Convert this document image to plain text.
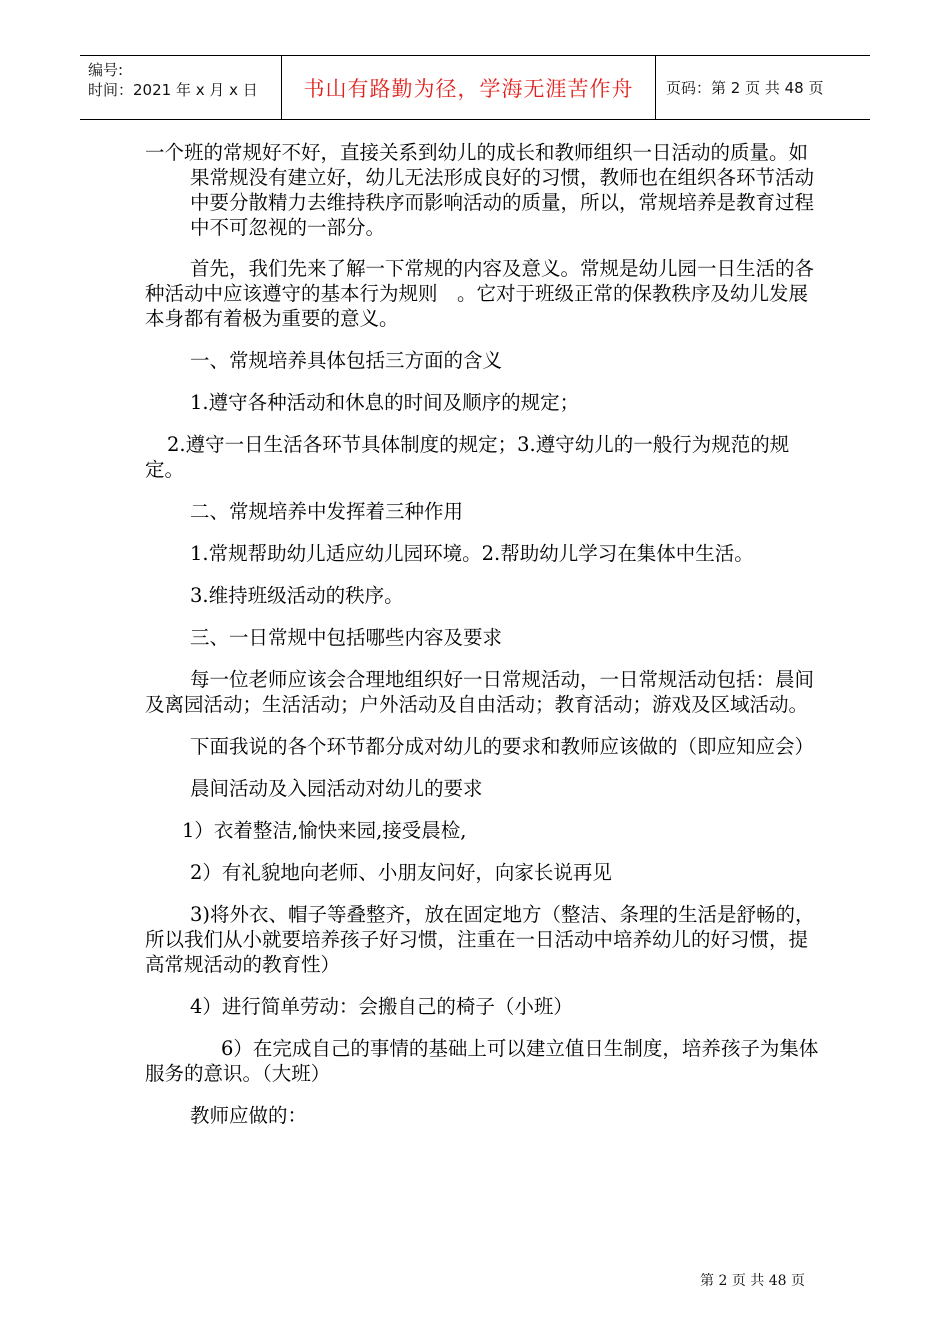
编号:
时间：2021 年 x 月 x 日	书山有路勤为径，学海无涯苦作舟	页码：第 2 页 共 48 页

一个班的常规好不好，直接关系到幼儿的成长和教师组织一日活动的质量。如果常规没有建立好，幼儿无法形成良好的习惯，教师也在组织各环节活动中要分散精力去维持秩序而影响活动的质量，所以，常规培养是教育过程中不可忽视的一部分。

首先，我们先来了解一下常规的内容及意义。常规是幼儿园一日生活的各种活动中应该遵守的基本行为规则　。它对于班级正常的保教秩序及幼儿发展本身都有着极为重要的意义。

一、常规培养具体包括三方面的含义

1.遵守各种活动和休息的时间及顺序的规定；

2.遵守一日生活各环节具体制度的规定；3.遵守幼儿的一般行为规范的规定。

二、常规培养中发挥着三种作用

1.常规帮助幼儿适应幼儿园环境。2.帮助幼儿学习在集体中生活。

3.维持班级活动的秩序。

三、一日常规中包括哪些内容及要求

每一位老师应该会合理地组织好一日常规活动，一日常规活动包括：晨间及离园活动；生活活动；户外活动及自由活动；教育活动；游戏及区域活动。

下面我说的各个环节都分成对幼儿的要求和教师应该做的（即应知应会）

晨间活动及入园活动对幼儿的要求

1）衣着整洁,愉快来园,接受晨检,

2）有礼貌地向老师、小朋友问好，向家长说再见

3)将外衣、帽子等叠整齐，放在固定地方（整洁、条理的生活是舒畅的，所以我们从小就要培养孩子好习惯，注重在一日活动中培养幼儿的好习惯，提高常规活动的教育性）

4）进行简单劳动：会搬自己的椅子（小班）

6）在完成自己的事情的基础上可以建立值日生制度，培养孩子为集体服务的意识。（大班）

教师应做的：

第 2 页 共 48 页
